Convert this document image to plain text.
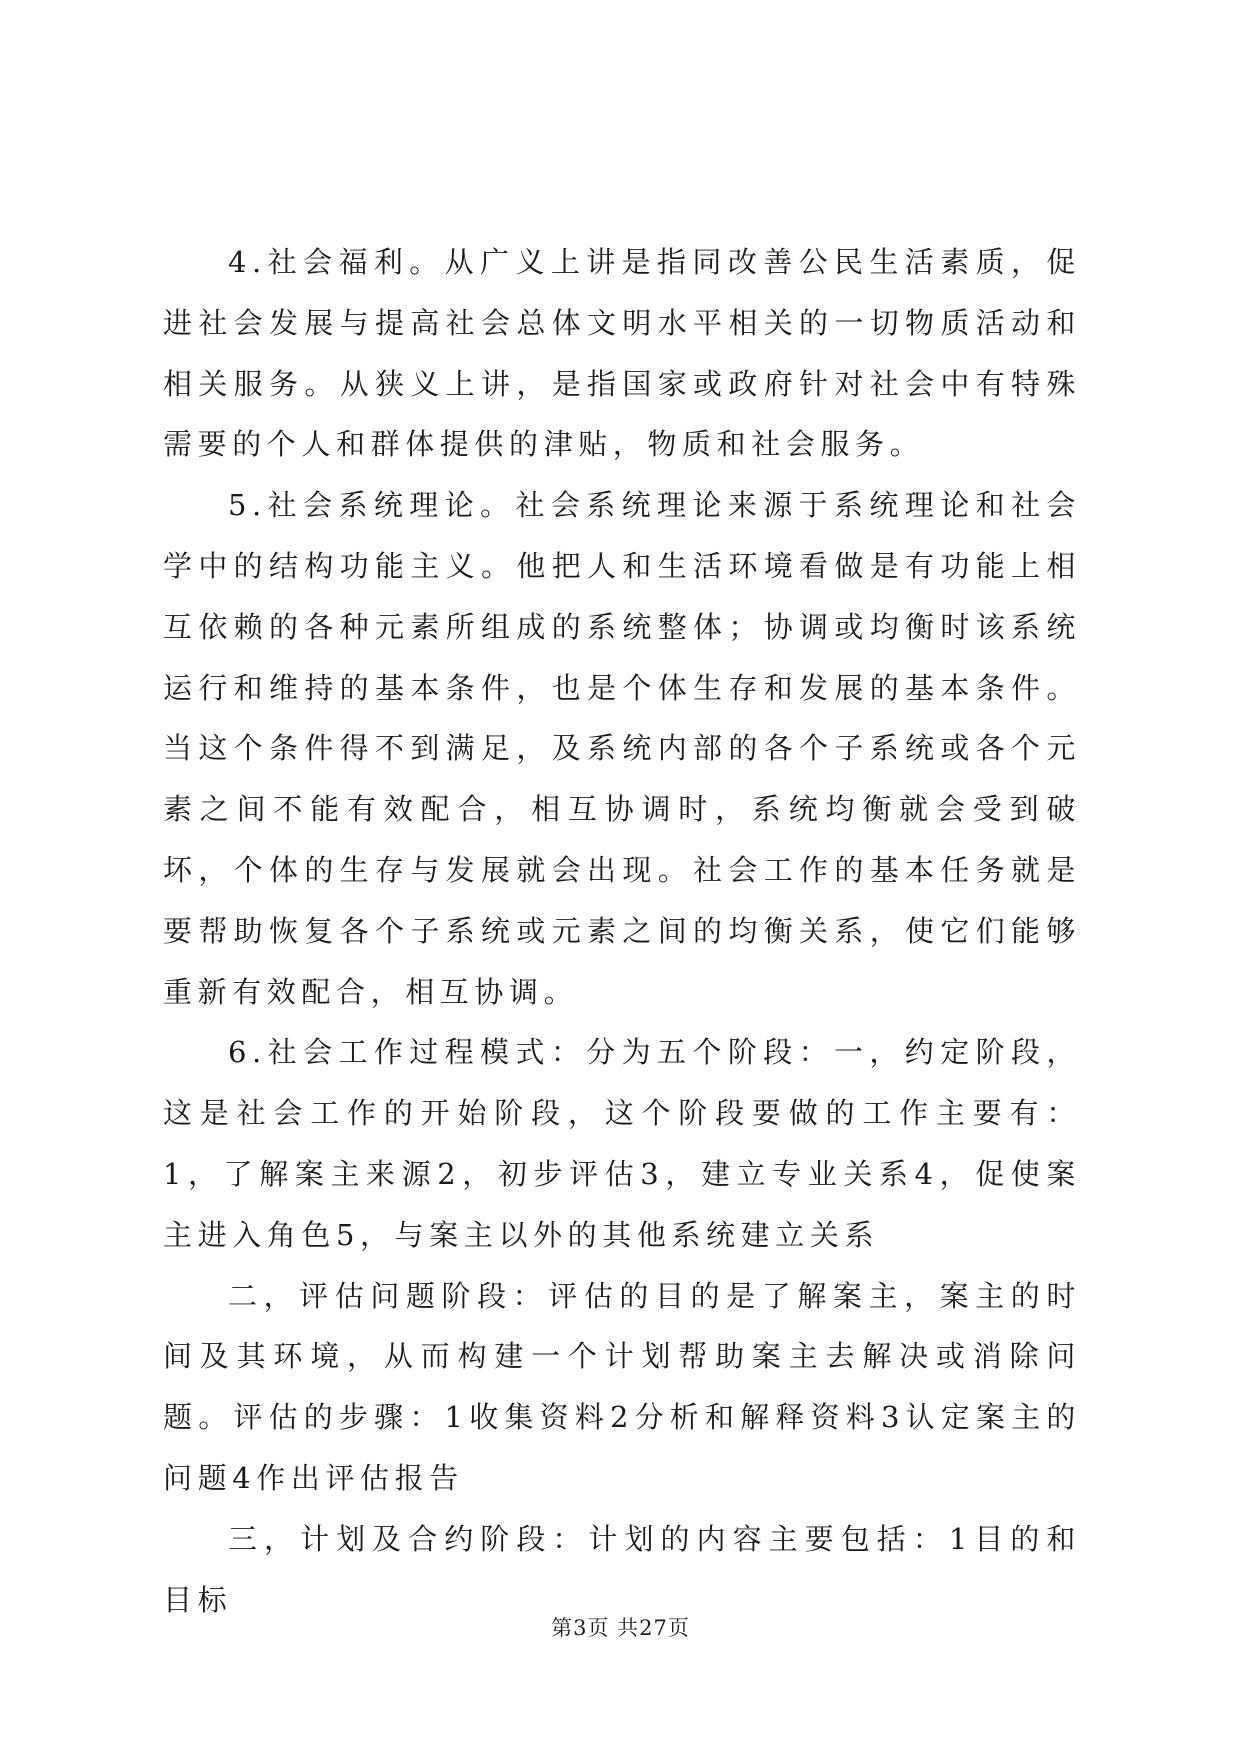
4.社会福利。从广义上讲是指同改善公民生活素质，促进社会发展与提高社会总体文明水平相关的一切物质活动和相关服务。从狭义上讲，是指国家或政府针对社会中有特殊需要的个人和群体提供的津贴，物质和社会服务。

5.社会系统理论。社会系统理论来源于系统理论和社会学中的结构功能主义。他把人和生活环境看做是有功能上相互依赖的各种元素所组成的系统整体；协调或均衡时该系统运行和维持的基本条件，也是个体生存和发展的基本条件。当这个条件得不到满足，及系统内部的各个子系统或各个元素之间不能有效配合，相互协调时，系统均衡就会受到破坏，个体的生存与发展就会出现。社会工作的基本任务就是要帮助恢复各个子系统或元素之间的均衡关系，使它们能够重新有效配合，相互协调。

6.社会工作过程模式：分为五个阶段：一，约定阶段，这是社会工作的开始阶段，这个阶段要做的工作主要有：1，了解案主来源2，初步评估3，建立专业关系4，促使案主进入角色5，与案主以外的其他系统建立关系

二，评估问题阶段：评估的目的是了解案主，案主的时间及其环境，从而构建一个计划帮助案主去解决或消除问题。评估的步骤：1收集资料2分析和解释资料3认定案主的问题4作出评估报告

三，计划及合约阶段：计划的内容主要包括：1目的和目标

第3页 共27页
